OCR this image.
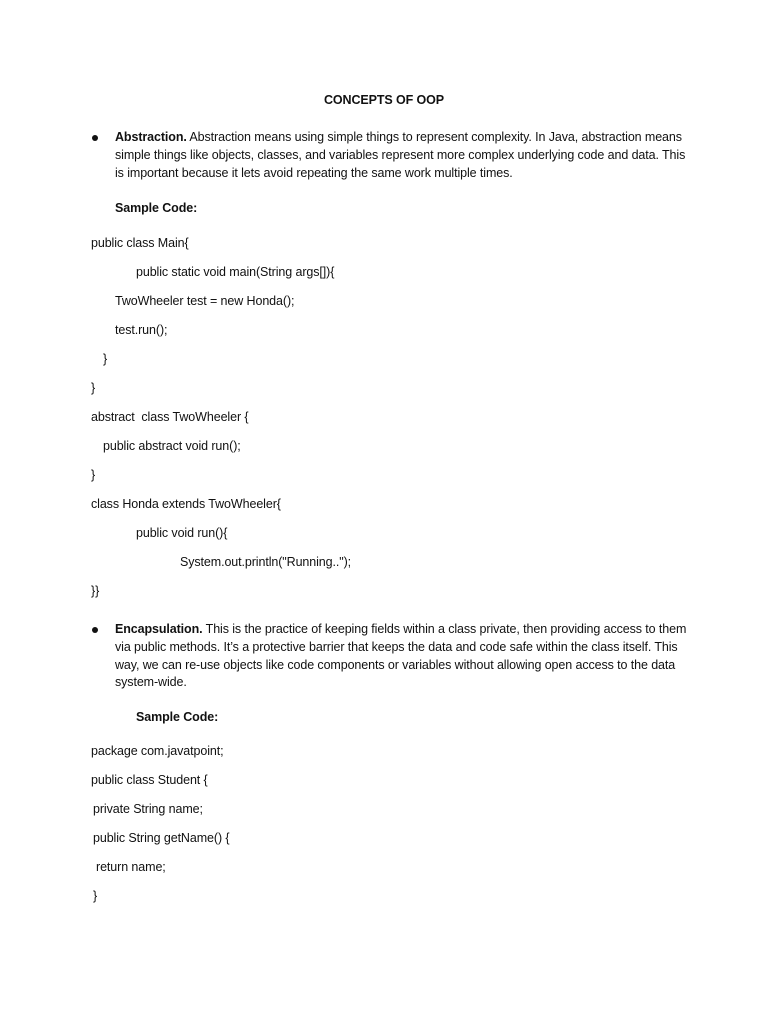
CONCEPTS OF OOP
Abstraction. Abstraction means using simple things to represent complexity. In Java, abstraction means simple things like objects, classes, and variables represent more complex underlying code and data. This is important because it lets avoid repeating the same work multiple times.
Sample Code:
public class Main{
public static void main(String args[]){
TwoWheeler test = new Honda();
test.run();
}
}
abstract  class TwoWheeler {
public abstract void run();
}
class Honda extends TwoWheeler{
public void run(){
System.out.println("Running..");
}}
Encapsulation. This is the practice of keeping fields within a class private, then providing access to them via public methods. It’s a protective barrier that keeps the data and code safe within the class itself. This way, we can re-use objects like code components or variables without allowing open access to the data system-wide.
Sample Code:
package com.javatpoint;
public class Student {
private String name;
public String getName() {
return name;
}
